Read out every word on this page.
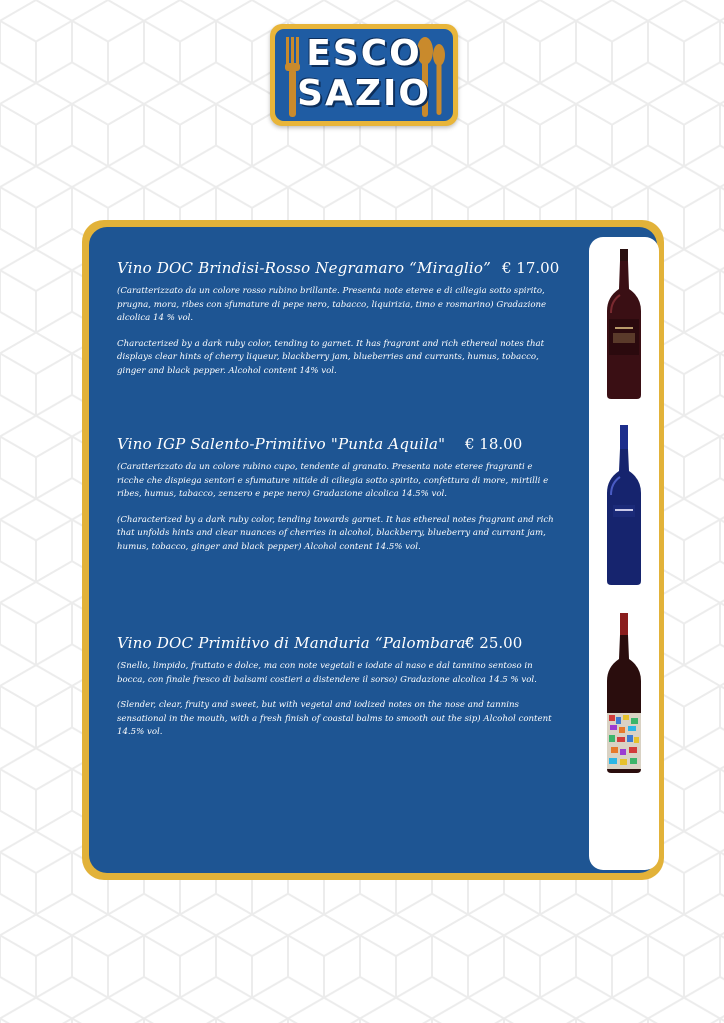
ESCO
SAZIO
Vino DOC Brindisi-Rosso Negramaro “Miraglio” € 17.00

(Caratterizzato da un colore rosso rubino brillante. Presenta note eteree e di ciliegia sotto spirito, prugna, mora, ribes con sfumature di pepe nero, tabacco, liquirizia, timo e rosmarino) Gradazione alcolica 14 % vol.

Characterized by a dark ruby color, tending to garnet. It has fragrant and rich ethereal notes that displays clear hints of cherry liqueur, blackberry jam, blueberries and currants, humus, tobacco, ginger and black pepper. Alcohol content 14% vol.

Vino IGP Salento-Primitivo "Punta Aquila" € 18.00

(Caratterizzato da un colore rubino cupo, tendente al granato. Presenta note eteree fragranti e ricche che dispiega sentori e sfumature nitide di ciliegia sotto spirito, confettura di more, mirtilli e ribes, humus, tabacco, zenzero e pepe nero) Gradazione alcolica 14.5% vol.

(Characterized by a dark ruby color, tending towards garnet. It has ethereal notes fragrant and rich that unfolds hints and clear nuances of cherries in alcohol, blackberry, blueberry and currant jam, humus, tobacco, ginger and black pepper) Alcohol content 14.5% vol.

Vino DOC Primitivo di Manduria “Palombara”
€ 25.00

(Snello, limpido, fruttato e dolce, ma con note vegetali e iodate al naso e dal tannino sentoso in bocca, con finale fresco di balsami costieri a distendere il sorso) Gradazione alcolica 14.5 % vol.

(Slender, clear, fruity and sweet, but with vegetal and iodized notes on the nose and tannins sensational in the mouth, with a fresh finish of coastal balms to smooth out the sip) Alcohol content 14.5% vol.
